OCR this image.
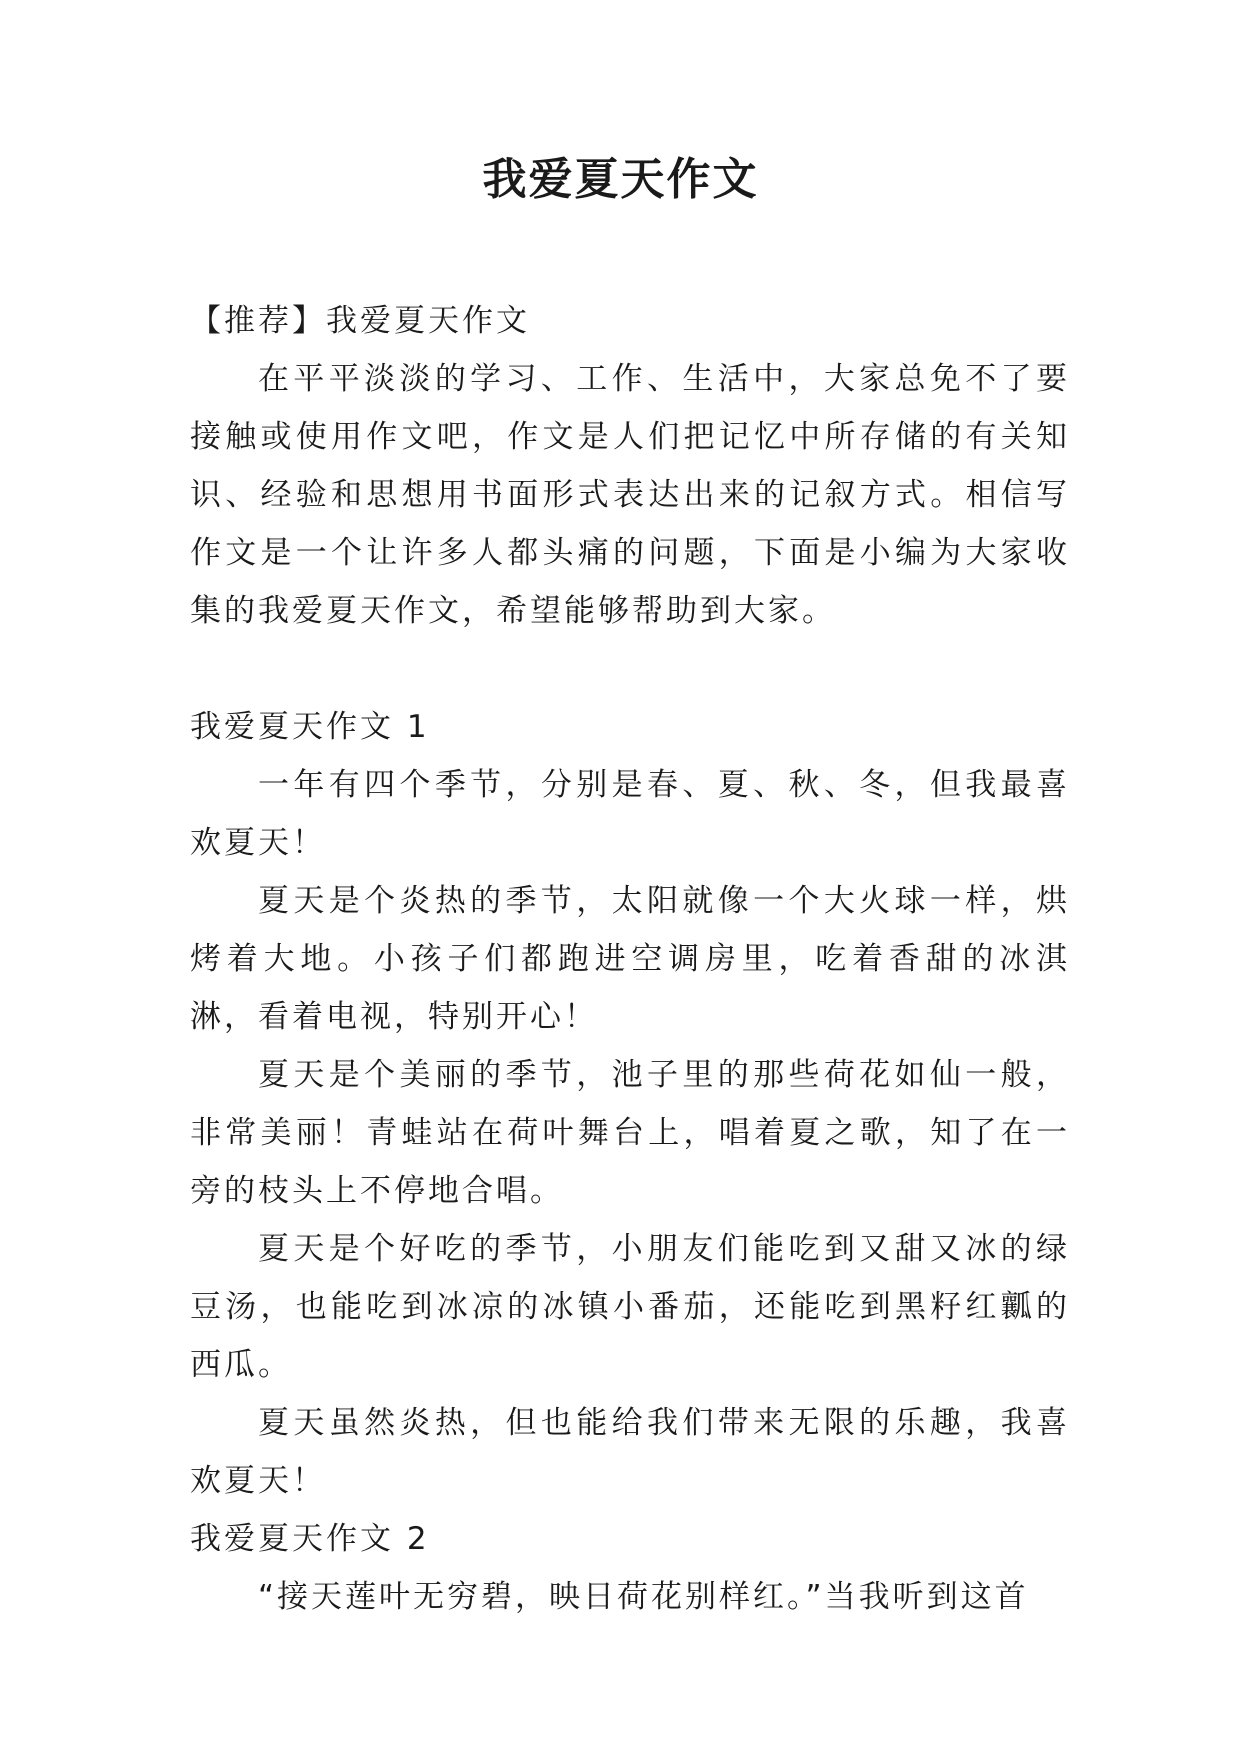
我爱夏天作文

【推荐】我爱夏天作文

在平平淡淡的学习、工作、生活中，大家总免不了要接触或使用作文吧，作文是人们把记忆中所存储的有关知识、经验和思想用书面形式表达出来的记叙方式。相信写作文是一个让许多人都头痛的问题，下面是小编为大家收集的我爱夏天作文，希望能够帮助到大家。

我爱夏天作文 1

一年有四个季节，分别是春、夏、秋、冬，但我最喜欢夏天！

夏天是个炎热的季节，太阳就像一个大火球一样，烘烤着大地。小孩子们都跑进空调房里，吃着香甜的冰淇淋，看着电视，特别开心！

夏天是个美丽的季节，池子里的那些荷花如仙一般，非常美丽！青蛙站在荷叶舞台上，唱着夏之歌，知了在一旁的枝头上不停地合唱。

夏天是个好吃的季节，小朋友们能吃到又甜又冰的绿豆汤，也能吃到冰凉的冰镇小番茄，还能吃到黑籽红瓤的西瓜。

夏天虽然炎热，但也能给我们带来无限的乐趣，我喜欢夏天！

我爱夏天作文 2

“接天莲叶无穷碧，映日荷花别样红。”当我听到这首
